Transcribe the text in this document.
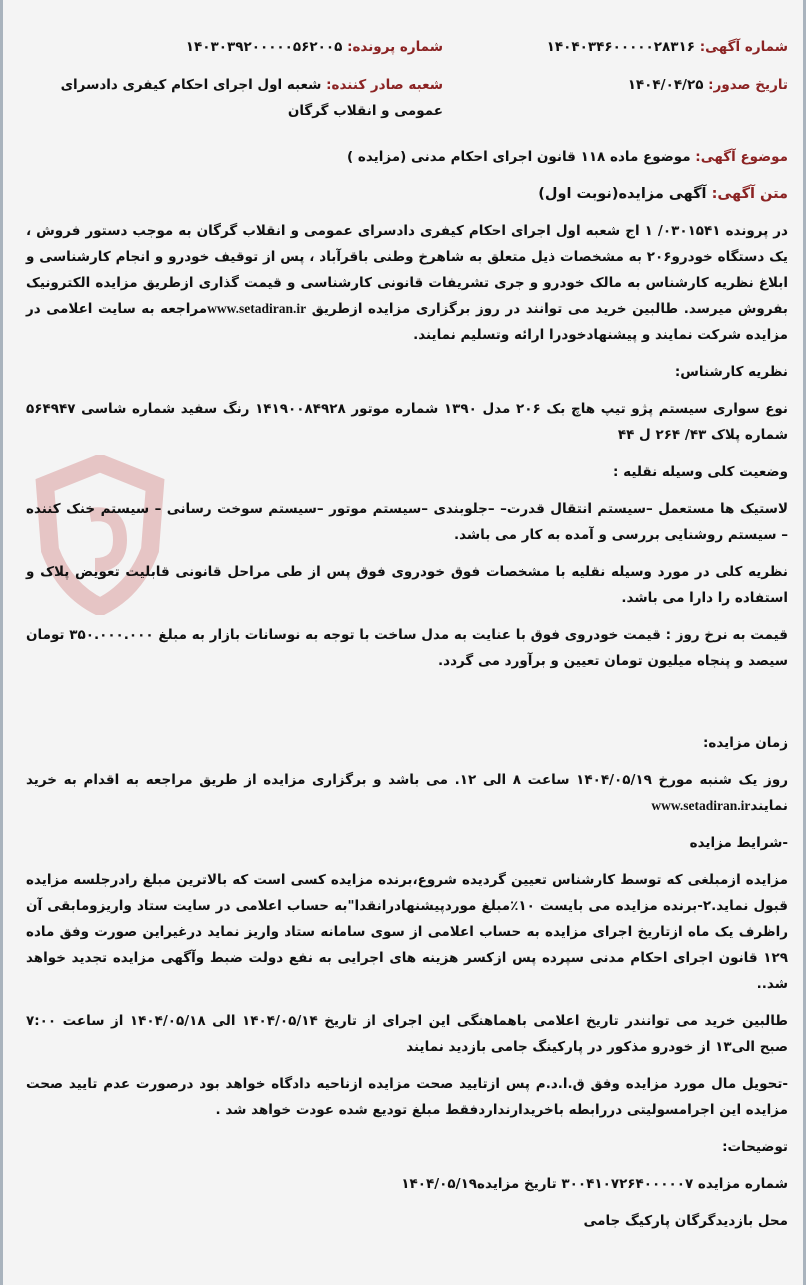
شماره آگهی: ۱۴۰۴۰۳۴۶۰۰۰۰۰۲۸۳۱۶
شماره پرونده: ۱۴۰۳۰۳۹۲۰۰۰۰۰۵۶۲۰۰۵
تاریخ صدور: ۱۴۰۴/۰۴/۲۵
شعبه صادر کننده: شعبه اول اجرای احکام کیفری دادسرای عمومی و انقلاب گرگان
موضوع آگهی: موضوع ماده ۱۱۸ قانون اجرای احکام مدنی (مزایده )
متن آگهی: آگهی مزایده(نوبت اول)
در پرونده ۰۳۰۱۵۴۱/ ۱ اج شعبه اول اجرای احکام کیفری دادسرای عمومی و انقلاب گرگان به موجب دستور فروش ، یک دستگاه خودرو۲۰۶ به مشخصات ذیل متعلق به شاهرخ وطنی باقرآباد ، پس از توقیف خودرو و انجام کارشناسی و ابلاغ نظریه کارشناس به مالک خودرو و جری تشریفات قانونی کارشناسی و قیمت گذاری ازطریق مزایده الکترونیک بفروش میرسد. طالبین خرید می توانند در روز برگزاری مزایده ازطریق www.setadiran.irمراجعه به سایت اعلامی در مزایده شرکت نمایند و پیشنهادخودرا ارائه وتسلیم نمایند.
نظریه کارشناس:
نوع سواری سیستم پژو تیپ هاچ بک ۲۰۶ مدل ۱۳۹۰ شماره موتور ۱۴۱۹۰۰۸۴۹۲۸ رنگ سفید شماره شاسی ۵۶۴۹۴۷ شماره پلاک ۴۳/ ۲۶۴ ل ۴۴
وضعیت کلی وسیله نقلیه :
لاستیک ها مستعمل –سیستم انتقال قدرت– –جلوبندی –سیستم موتور –سیستم سوخت رسانی – سیستم خنک کننده – سیستم روشنایی بررسی و آمده به کار می باشد.
نظریه کلی در مورد وسیله نقلیه با مشخصات فوق خودروی فوق پس از طی مراحل قانونی قابلیت تعویض پلاک و استفاده را دارا می باشد.
قیمت به نرخ روز : قیمت خودروی فوق با عنایت به مدل ساخت با توجه به نوسانات بازار به مبلغ ۳۵۰.۰۰۰.۰۰۰ تومان سیصد و پنجاه میلیون تومان تعیین و برآورد می گردد.
زمان مزایده:
روز یک شنبه مورخ ۱۴۰۴/۰۵/۱۹ ساعت ۸ الی ۱۲. می باشد و برگزاری مزایده از طریق مراجعه به اقدام به خرید نمایندwww.setadiran.ir
-شرایط مزایده
مزایده ازمبلغی که توسط کارشناس تعیین گردیده شروع،برنده مزایده کسی است که بالاترین مبلغ رادرجلسه مزایده قبول نماید.۲-برنده مزایده می بایست ۱۰٪مبلغ موردپیشنهادرانقدا"به حساب اعلامی در سایت ستاد واریزومابقی آن راظرف یک ماه ازتاریخ اجرای مزایده به حساب اعلامی از سوی سامانه ستاد واریز نماید درغیراین صورت وفق ماده ۱۲۹ قانون اجرای احکام مدنی سپرده پس ازکسر هزینه های اجرایی به نفع دولت ضبط وآگهی مزایده تجدید خواهد شد..
طالبین خرید می توانندر تاریخ اعلامی باهماهنگی این اجرای از تاریخ ۱۴۰۴/۰۵/۱۴ الی ۱۴۰۴/۰۵/۱۸ از ساعت ۷:۰۰ صبح الی۱۳ از خودرو مذکور در پارکینگ جامی بازدید نمایند
-تحویل مال مورد مزایده وفق ق.ا.د.م پس ازتایید صحت مزایده ازناحیه دادگاه خواهد بود درصورت عدم تایید صحت مزایده این اجرامسولیتی دررابطه باخریدارنداردفقط مبلغ توديع شده عودت خواهد شد .
توضیحات:
شماره مزایده ۳۰۰۴۱۰۷۲۶۴۰۰۰۰۰۷ تاریخ مزایده۱۴۰۴/۰۵/۱۹
محل بازدیدگرگان پارکیگ جامی
